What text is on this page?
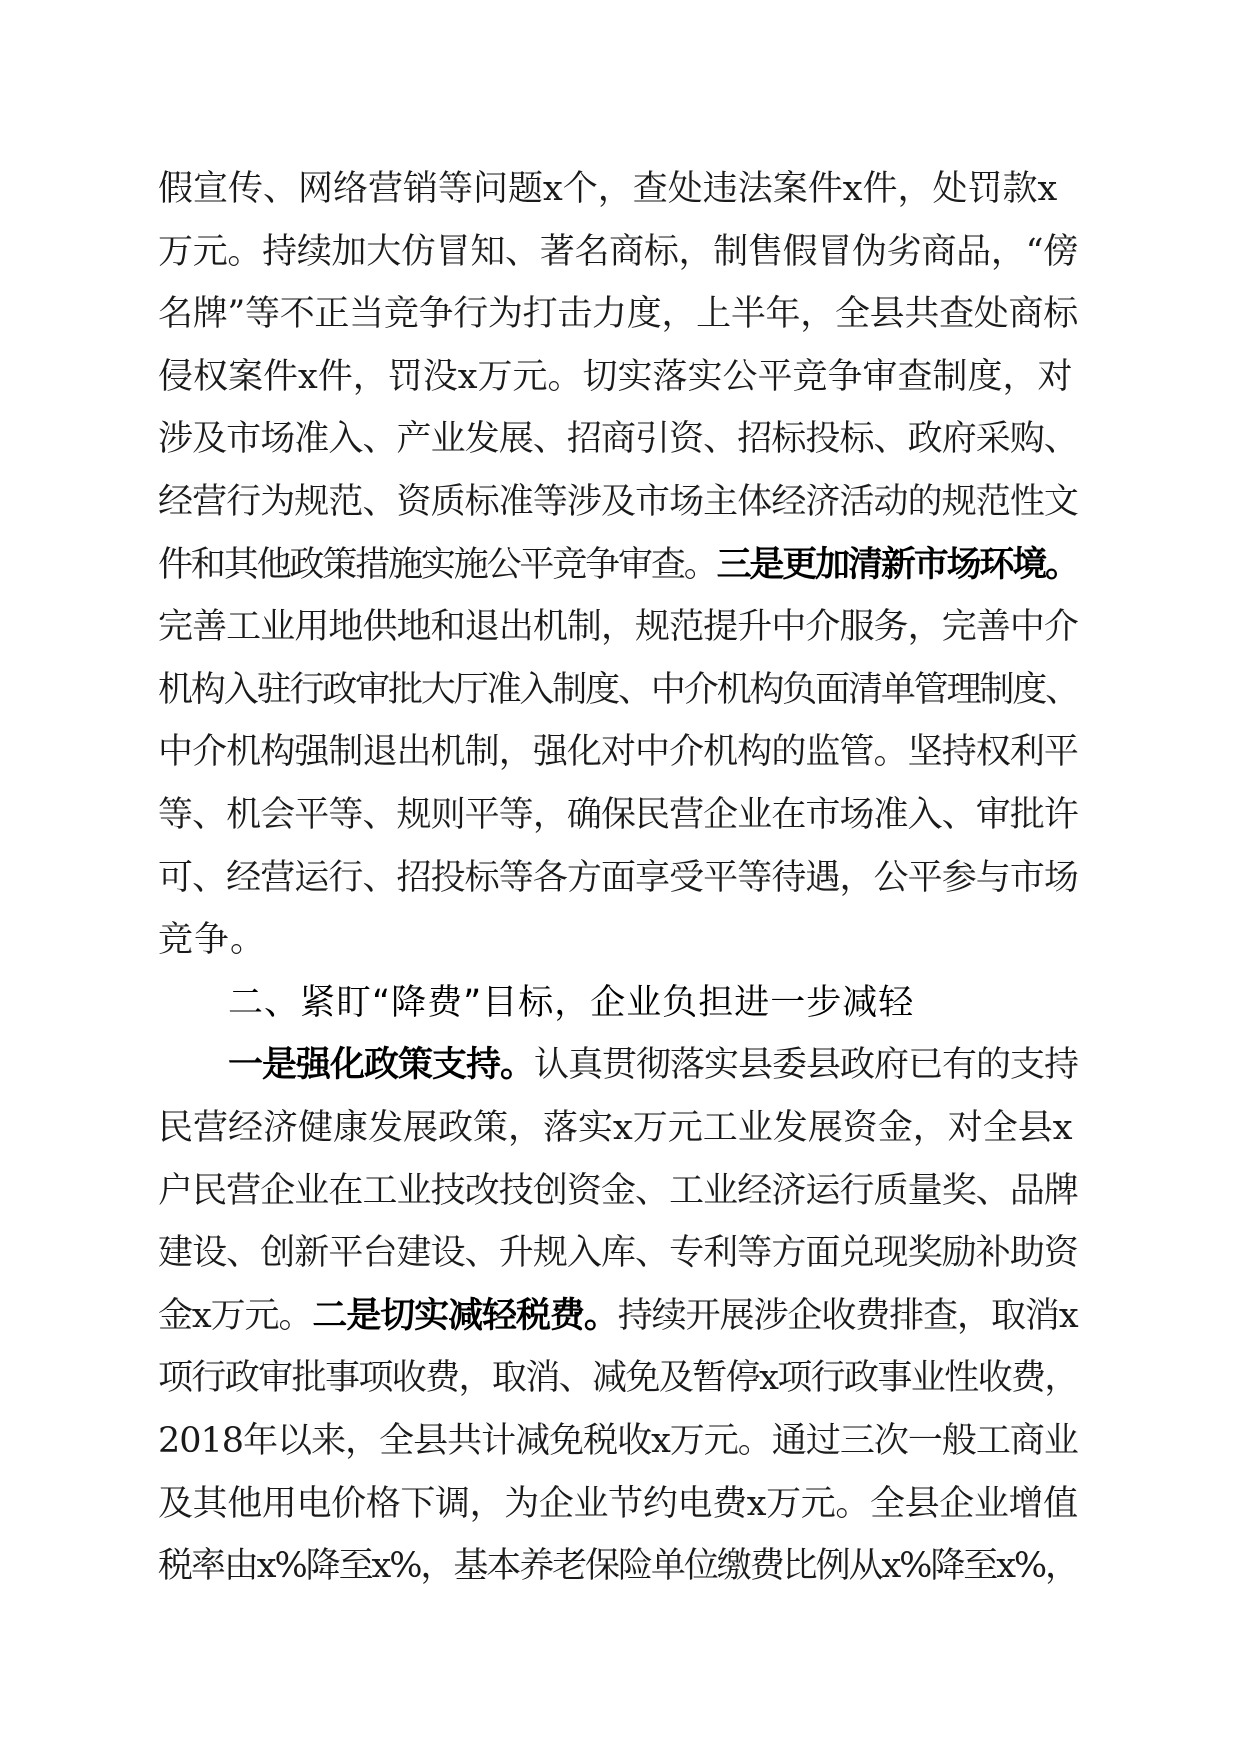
假宣传、网络营销等问题x个，查处违法案件x件，处罚款x
万元。持续加大仿冒知、著名商标，制售假冒伪劣商品，“傍
名牌”等不正当竞争行为打击力度，上半年，全县共查处商标
侵权案件x件，罚没x万元。切实落实公平竞争审查制度，对
涉及市场准入、产业发展、招商引资、招标投标、政府采购、
经营行为规范、资质标准等涉及市场主体经济活动的规范性文
件和其他政策措施实施公平竞争审查。三是更加清新市场环境。
完善工业用地供地和退出机制，规范提升中介服务，完善中介
机构入驻行政审批大厅准入制度、中介机构负面清单管理制度、
中介机构强制退出机制，强化对中介机构的监管。坚持权利平
等、机会平等、规则平等，确保民营企业在市场准入、审批许
可、经营运行、招投标等各方面享受平等待遇，公平参与市场
竞争。
二、紧盯“降费”目标，企业负担进一步减轻
一是强化政策支持。认真贯彻落实县委县政府已有的支持
民营经济健康发展政策，落实x万元工业发展资金，对全县x
户民营企业在工业技改技创资金、工业经济运行质量奖、品牌
建设、创新平台建设、升规入库、专利等方面兑现奖励补助资
金x万元。二是切实减轻税费。持续开展涉企收费排查，取消x
项行政审批事项收费，取消、减免及暂停x项行政事业性收费，
2018年以来，全县共计减免税收x万元。通过三次一般工商业
及其他用电价格下调，为企业节约电费x万元。全县企业增值
税率由x%降至x%，基本养老保险单位缴费比例从x%降至x%，
